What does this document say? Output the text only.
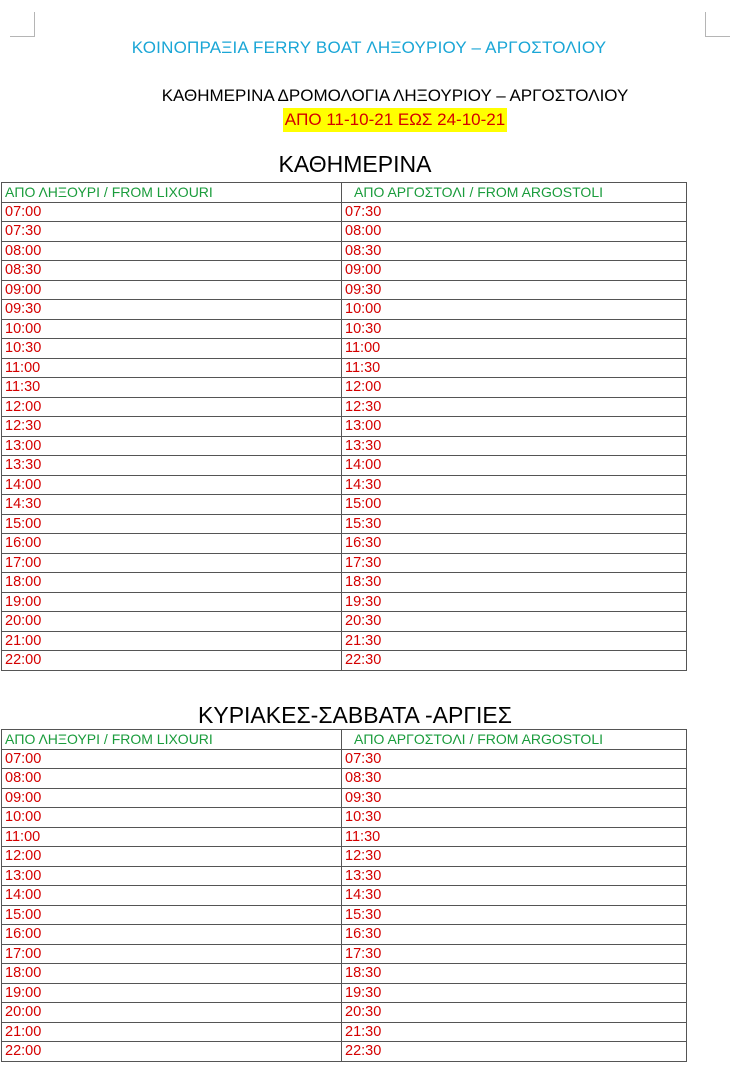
ΚΟΙΝΟΠΡΑΞΙΑ FERRY BOAT ΛΗΞΟΥΡΙΟΥ – ΑΡΓΟΣΤΟΛΙΟΥ
ΚΑΘΗΜΕΡΙΝΑ ΔΡΟΜΟΛΟΓΙΑ ΛΗΞΟΥΡΙΟΥ – ΑΡΓΟΣΤΟΛΙΟΥ
ΑΠΟ 11-10-21 ΕΩΣ 24-10-21
ΚΑΘΗΜΕΡΙΝΑ
ΑΠΟ ΛΗΞΟΥΡΙ / FROM LIXOURI	ΑΠΟ ΑΡΓΟΣΤΟΛΙ / FROM ARGOSTOLI
07:00	07:30
07:30	08:00
08:00	08:30
08:30	09:00
09:00	09:30
09:30	10:00
10:00	10:30
10:30	11:00
11:00	11:30
11:30	12:00
12:00	12:30
12:30	13:00
13:00	13:30
13:30	14:00
14:00	14:30
14:30	15:00
15:00	15:30
16:00	16:30
17:00	17:30
18:00	18:30
19:00	19:30
20:00	20:30
21:00	21:30
22:00	22:30
ΚΥΡΙΑΚΕΣ-ΣΑΒΒΑΤΑ -ΑΡΓΙΕΣ
ΑΠΟ ΛΗΞΟΥΡΙ / FROM LIXOURI	ΑΠΟ ΑΡΓΟΣΤΟΛΙ / FROM ARGOSTOLI
07:00	07:30
08:00	08:30
09:00	09:30
10:00	10:30
11:00	11:30
12:00	12:30
13:00	13:30
14:00	14:30
15:00	15:30
16:00	16:30
17:00	17:30
18:00	18:30
19:00	19:30
20:00	20:30
21:00	21:30
22:00	22:30
